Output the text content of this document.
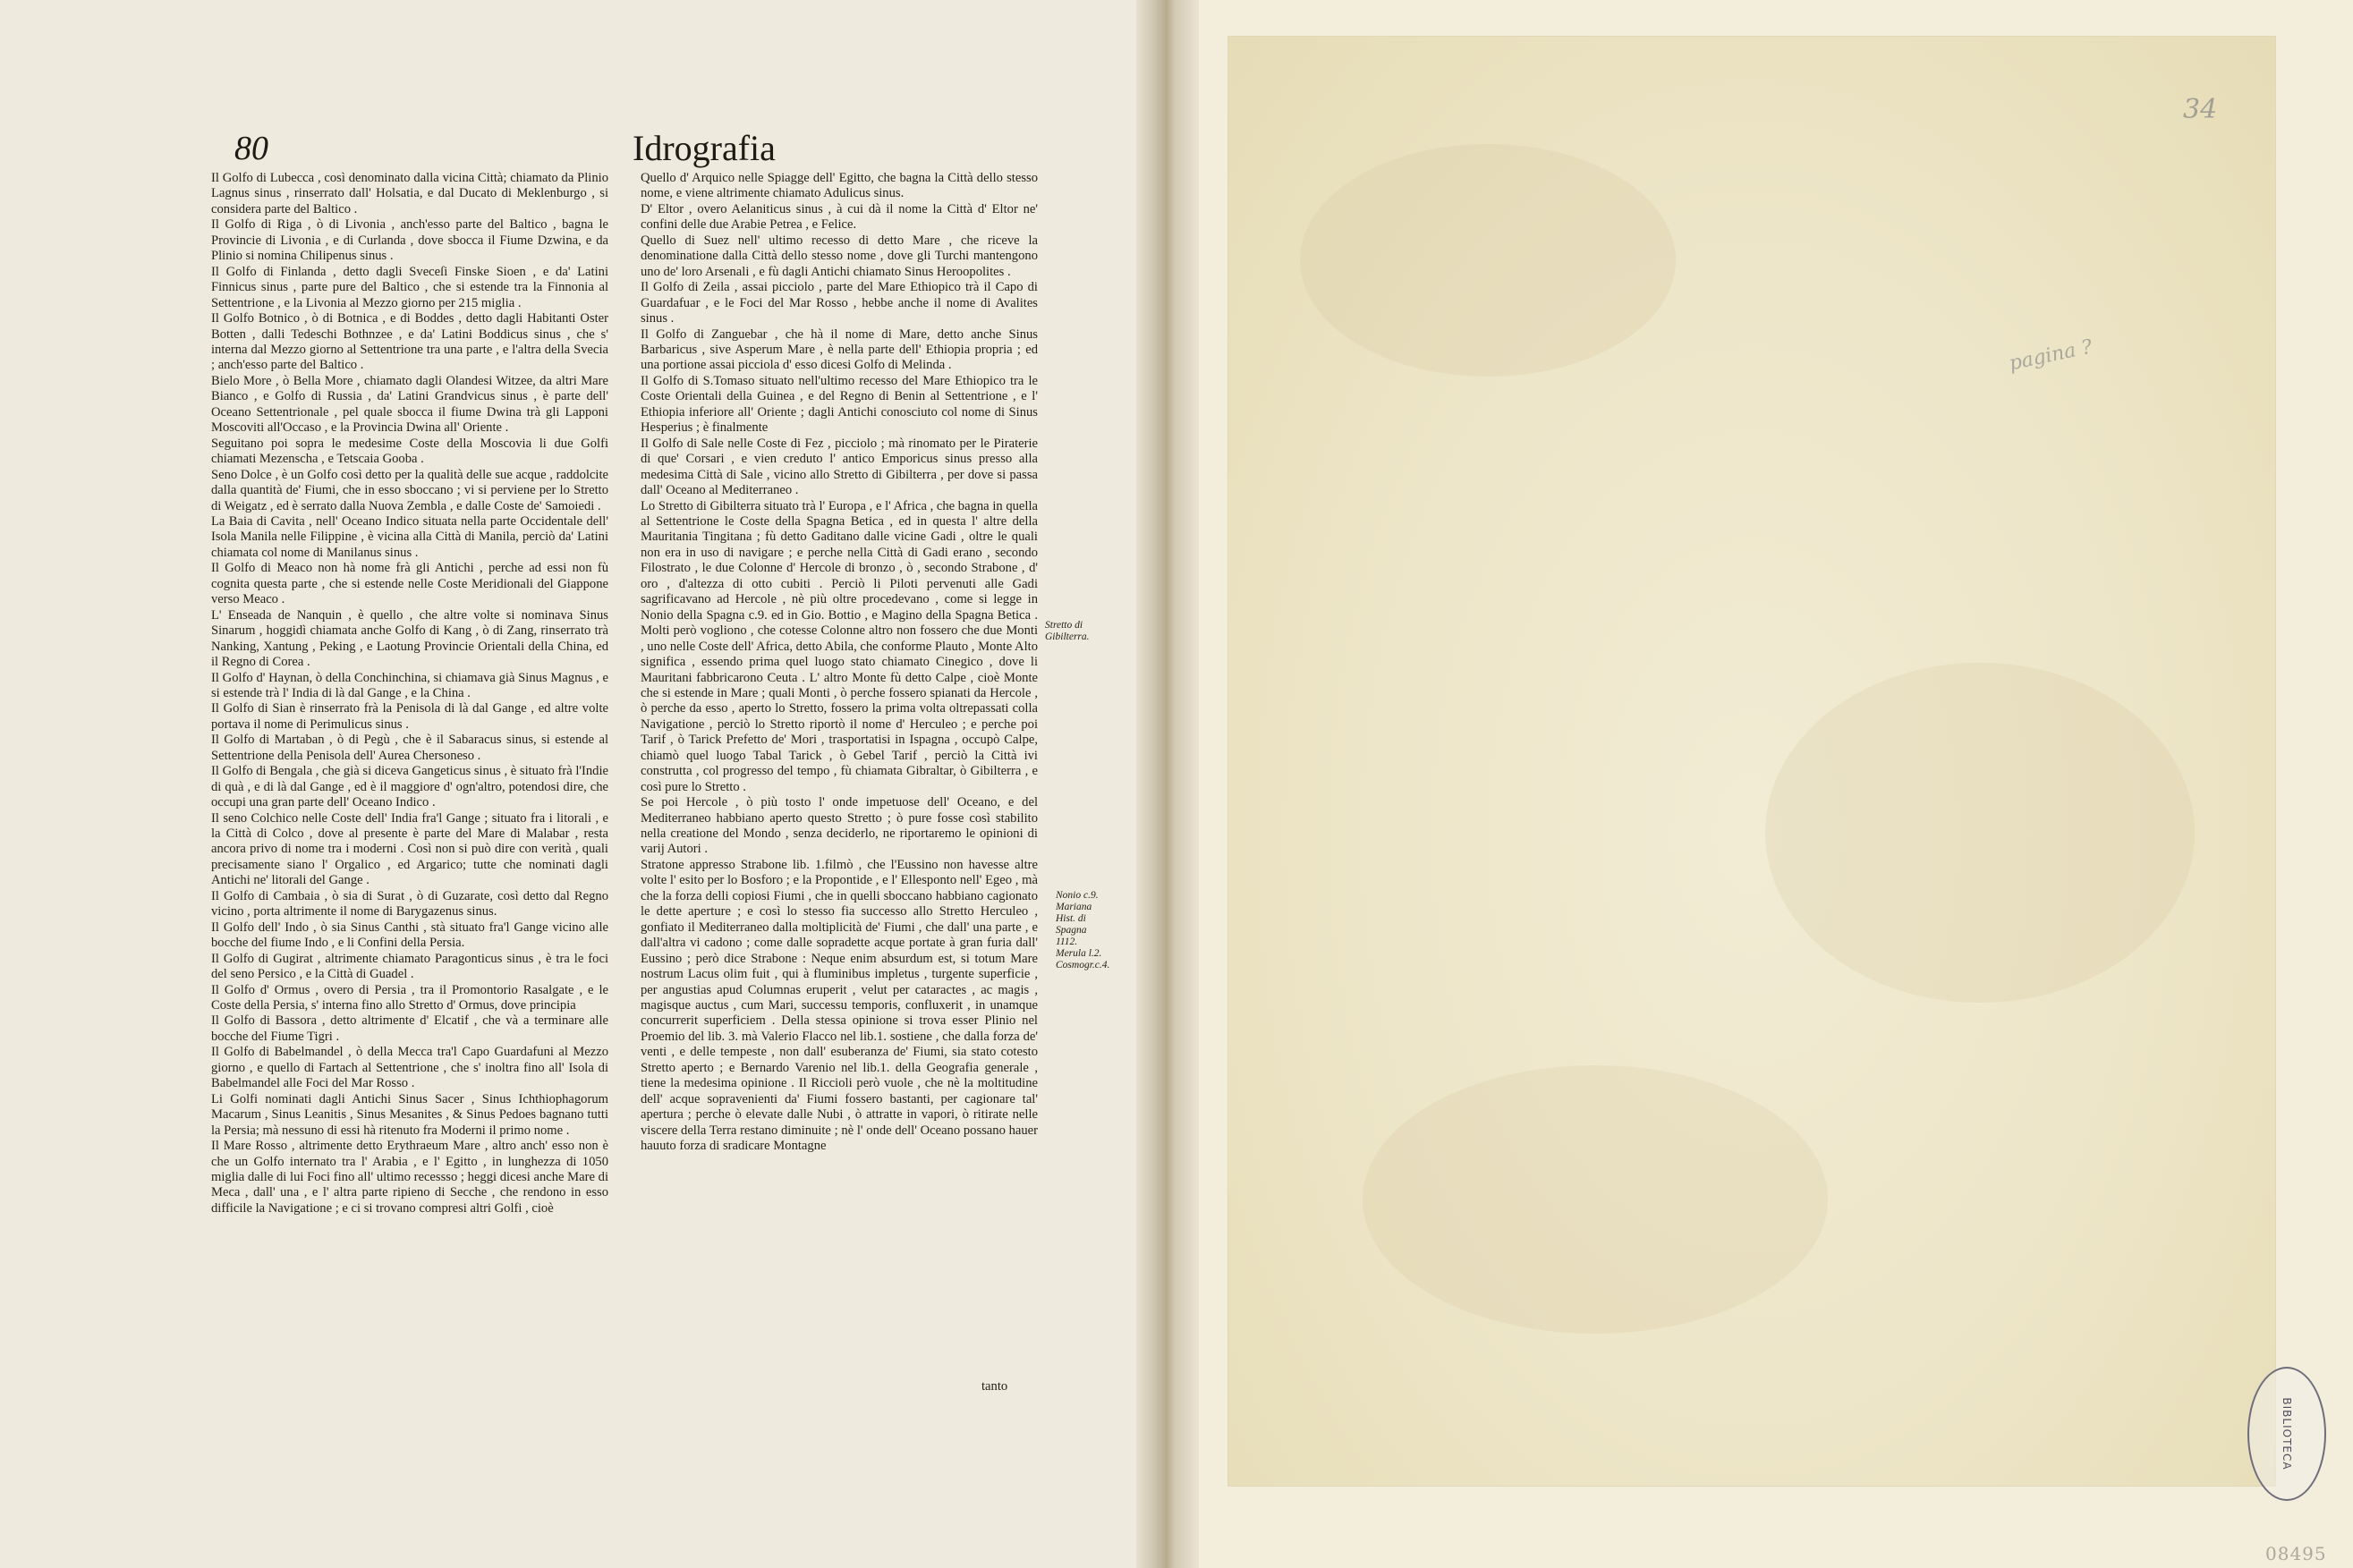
80	Idrografia

Il Golfo di Lubecca , così denominato dalla vicina Città; chiamato da Plinio Lagnus sinus , rinserrato dall' Holsatia, e dal Ducato di Meklenburgo , si considera parte del Baltico .

Il Golfo di Riga , ò di Livonia , anch'esso parte del Baltico , bagna le Provincie di Livonia , e di Curlanda , dove sbocca il Fiume Dzwina, e da Plinio si nomina Chilipenus sinus .

Il Golfo di Finlanda , detto dagli Sveceſi Finske Sioen , e da' Latini Finnicus sinus , parte pure del Baltico , che si estende tra la Finnonia al Settentrione , e la Livonia al Mezzo giorno per 215 miglia .

Il Golfo Botnico , ò di Botnica , e di Boddes , detto dagli Habitanti Oster Botten , dalli Tedeschi Bothnzee , e da' Latini Boddicus sinus , che s' interna dal Mezzo giorno al Settentrione tra una parte , e l'altra della Svecia ; anch'esso parte del Baltico .

Bielo More , ò Bella More , chiamato dagli Olandesi Witzee, da altri Mare Bianco , e Golfo di Russia , da' Latini Grandvicus sinus , è parte dell' Oceano Settentrionale , pel quale sbocca il fiume Dwina trà gli Lapponi Moscoviti all'Occaso , e la Provincia Dwina all' Oriente .

Seguitano poi sopra le medesime Coste della Moscovia li due Golfi chiamati Mezenscha , e Tetscaia Gooba .

Seno Dolce , è un Golfo così detto per la qualità delle sue acque , raddolcite dalla quantità de' Fiumi, che in esso sboccano ; vi si perviene per lo Stretto di Weigatz , ed è serrato dalla Nuova Zembla , e dalle Coste de' Samoiedi .

La Baia di Cavita , nell' Oceano Indico situata nella parte Occidentale dell' Isola Manila nelle Filippine , è vicina alla Città di Manila, perciò da' Latini chiamata col nome di Manilanus sinus .

Il Golfo di Meaco non hà nome frà gli Antichi , perche ad essi non fù cognita questa parte , che si estende nelle Coste Meridionali del Giappone verso Meaco .

L' Enseada de Nanquin , è quello , che altre volte si nominava Sinus Sinarum , hoggidì chiamata anche Golfo di Kang , ò di Zang, rinserrato trà Nanking, Xantung , Peking , e Laotung Provincie Orientali della China, ed il Regno di Corea .

Il Golfo d' Haynan, ò della Conchinchina, si chiamava già Sinus Magnus , e si estende trà l' India di là dal Gange , e la China .

Il Golfo di Sian è rinserrato frà la Penisola di là dal Gange , ed altre volte portava il nome di Perimulicus sinus .

Il Golfo di Martaban , ò di Pegù , che è il Sabaracus sinus, si estende al Settentrione della Penisola dell' Aurea Chersoneso .

Il Golfo di Bengala , che già si diceva Gangeticus sinus , è situato frà l'Indie di quà , e di là dal Gange , ed è il maggiore d' ogn'altro, potendosi dire, che occupi una gran parte dell' Oceano Indico .

Il seno Colchico nelle Coste dell' India fra'l Gange ; situato fra i litorali , e la Città di Colco , dove al presente è parte del Mare di Malabar , resta ancora privo di nome tra i moderni . Così non si può dire con verità , quali precisamente siano l' Orgalico , ed Argarico; tutte che nominati dagli Antichi ne' litorali del Gange .

Il Golfo di Cambaia , ò sia di Surat , ò di Guzarate, così detto dal Regno vicino , porta altrimente il nome di Barygazenus sinus.

Il Golfo dell' Indo , ò sia Sinus Canthi , stà situato fra'l Gange vicino alle bocche del fiume Indo , e li Confini della Persia.

Il Golfo di Gugirat , altrimente chiamato Paragonticus sinus , è tra le foci del seno Persico , e la Città di Guadel .

Il Golfo d' Ormus , overo di Persia , tra il Promontorio Rasalgate , e le Coste della Persia, s' interna fino allo Stretto d' Ormus, dove principia

Il Golfo di Bassora , detto altrimente d' Elcatif , che và a terminare alle bocche del Fiume Tigri .

Il Golfo di Babelmandel , ò della Mecca tra'l Capo Guardafuni al Mezzo giorno , e quello di Fartach al Settentrione , che s' inoltra fino all' Isola di Babelmandel alle Foci del Mar Rosso .

Li Golfi nominati dagli Antichi Sinus Sacer , Sinus Ichthiophagorum Macarum , Sinus Leanitis , Sinus Mesanites , & Sinus Pedoes bagnano tutti la Persia; mà nessuno di essi hà ritenuto fra Moderni il primo nome .

Il Mare Rosso , altrimente detto Erythraeum Mare , altro anch' esso non è che un Golfo internato tra l' Arabia , e l' Egitto , in lunghezza di 1050 miglia dalle di lui Foci fino all' ultimo recessso ; heggi dicesi anche Mare di Meca , dall' una , e l' altra parte ripieno di Secche , che rendono in esso difficile la Navigatione ; e ci si trovano compresi altri Golfi , cioè

Quello d' Arquico nelle Spiagge dell' Egitto, che bagna la Città dello stesso nome, e viene altrimente chiamato Adulicus sinus.

D' Eltor , overo Aelaniticus sinus , à cui dà il nome la Città d' Eltor ne' confini delle due Arabie Petrea , e Felice.

Quello di Suez nell' ultimo recesso di detto Mare , che riceve la denominatione dalla Città dello stesso nome , dove gli Turchi mantengono uno de' loro Arsenali , e fù dagli Antichi chiamato Sinus Heroopolites .

Il Golfo di Zeila , assai picciolo , parte del Mare Ethiopico trà il Capo di Guardafuar , e le Foci del Mar Rosso , hebbe anche il nome di Avalites sinus .

Il Golfo di Zanguebar , che hà il nome di Mare, detto anche Sinus Barbaricus , sive Asperum Mare , è nella parte dell' Ethiopia propria ; ed una portione assai picciola d' esso dicesi Golfo di Melinda .

Il Golfo di S.Tomaso situato nell'ultimo recesso del Mare Ethiopico tra le Coste Orientali della Guinea , e del Regno di Benin al Settentrione , e l' Ethiopia inferiore all' Oriente ; dagli Antichi conosciuto col nome di Sinus Hesperius ; è finalmente

Il Golfo di Sale nelle Coste di Fez , picciolo ; mà rinomato per le Piraterie di que' Corsari , e vien creduto l' antico Emporicus sinus presso alla medesima Città di Sale , vicino allo Stretto di Gibilterra , per dove si passa dall' Oceano al Mediterraneo .

Lo Stretto di Gibilterra situato trà l' Europa , e l' Africa , che bagna in quella al Settentrione le Coste della Spagna Betica , ed in questa l' altre della Mauritania Tingitana ; fù detto Gaditano dalle vicine Gadi , oltre le quali non era in uso di navigare ; e perche nella Città di Gadi erano , secondo Filostrato , le due Colonne d' Hercole di bronzo , ò , secondo Strabone , d' oro , d'altezza di otto cubiti . Perciò li Piloti pervenuti alle Gadi sagrificavano ad Hercole , nè più oltre procedevano , come si legge in Nonio della Spagna c.9. ed in Gio. Bottio , e Magino della Spagna Betica . Molti però vogliono , che cotesse Colonne altro non fossero che due Monti , uno nelle Coste dell' Africa, detto Abila, che conforme Plauto , Monte Alto significa , essendo prima quel luogo stato chiamato Cinegico , dove li Mauritani fabbricarono Ceuta . L' altro Monte fù detto Calpe , cioè Monte che si estende in Mare ; quali Monti , ò perche fossero spianati da Hercole , ò perche da esso , aperto lo Stretto, fossero la prima volta oltrepassati colla Navigatione , perciò lo Stretto riportò il nome d' Herculeo ; e perche poi Tarif , ò Tarick Prefetto de' Mori , trasportatisi in Ispagna , occupò Calpe, chiamò quel luogo Tabal Tarick , ò Gebel Tarif , perciò la Città ivi construtta , col progresso del tempo , fù chiamata Gibraltar, ò Gibilterra , e così pure lo Stretto .

Se poi Hercole , ò più tosto l' onde impetuose dell' Oceano, e del Mediterraneo habbiano aperto questo Stretto ; ò pure fosse così stabilito nella creatione del Mondo , senza deciderlo, ne riportaremo le opinioni di varij Autori .

Stratone appresso Strabone lib. 1.filmò , che l'Eussino non havesse altre volte l' esito per lo Bosforo ; e la Propontide , e l' Ellesponto nell' Egeo , mà che la forza delli copiosi Fiumi , che in quelli sboccano habbiano cagionato le dette aperture ; e così lo stesso fia successo allo Stretto Herculeo , gonfiato il Mediterraneo dalla moltiplicità de' Fiumi , che dall' una parte , e dall'altra vi cadono ; come dalle sopradette acque portate à gran furia dall' Eussino ; però dice Strabone : Neque enim absurdum est, si totum Mare nostrum Lacus olim fuit , qui à fluminibus impletus , turgente superficie , per angustias apud Columnas eruperit , velut per cataractes , ac magis , magisque auctus , cum Mari, successu temporis, confluxerit , in unamque concurrerit superficiem . Della stessa opinione si trova esser Plinio nel Proemio del lib. 3. mà Valerio Flacco nel lib.1. sostiene , che dalla forza de' venti , e delle tempeste , non dall' esuberanza de' Fiumi, sia stato cotesto Stretto aperto ; e Bernardo Varenio nel lib.1. della Geografia generale , tiene la medesima opinione . Il Riccioli però vuole , che nè la moltitudine dell' acque sopravenienti da' Fiumi fossero bastanti, per cagionare tal' apertura ; perche ò elevate dalle Nubi , ò attratte in vapori, ò ritirate nelle viscere della Terra restano diminuite ; nè l' onde dell' Oceano possano hauer hauuto forza di sradicare Montagne

tanto
Stretto di Gibilterra.
Nonio c.9. Mariana Hist. di Spagna 1112. Merula l.2. Cosmogr.c.4.
34
pagina ?
08495
BIBLIOTECA
